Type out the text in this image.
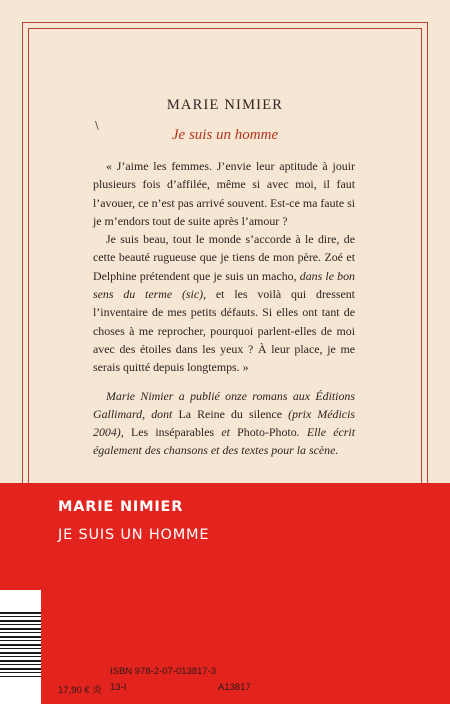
MARIE NIMIER
\
Je suis un homme

« J’aime les femmes. J’envie leur aptitude à jouir plusieurs fois d’affilée, même si avec moi, il faut l’avouer, ce n’est pas arrivé souvent. Est-ce ma faute si je m’endors tout de suite après l’amour ?

Je suis beau, tout le monde s’accorde à le dire, de cette beauté rugueuse que je tiens de mon père. Zoé et Delphine prétendent que je suis un macho, dans le bon sens du terme (sic), et les voilà qui dressent l’inventaire de mes petits défauts. Si elles ont tant de choses à me reprocher, pourquoi parlent-elles de moi avec des étoiles dans les yeux ? À leur place, je me serais quitté depuis longtemps. »

Marie Nimier a publié onze romans aux Éditions Gallimard, dont La Reine du silence (prix Médicis 2004), Les inséparables et Photo-Photo. Elle écrit également des chansons et des textes pour la scène.

MARIE NIMIER
JE SUIS UN HOMME
ISBN 978-2-07-013817-3
17,90 € 炎 13-I	A13817
